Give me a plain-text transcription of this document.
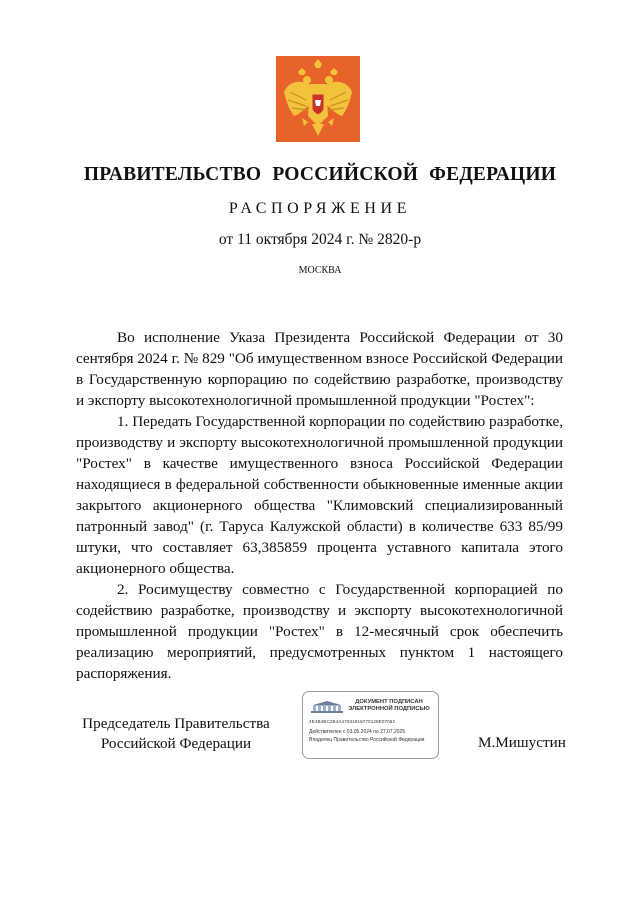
ПРАВИТЕЛЬСТВО РОССИЙСКОЙ ФЕДЕРАЦИИ
РАСПОРЯЖЕНИЕ
от 11 октября 2024 г. № 2820-р
МОСКВА

Во исполнение Указа Президента Российской Федерации от 30 сентября 2024 г. № 829 "Об имущественном взносе Российской Федерации в Государственную корпорацию по содействию разработке, производству и экспорту высокотехнологичной промышленной продукции "Ростех":

1. Передать Государственной корпорации по содействию разработке, производству и экспорту высокотехнологичной промышленной продукции "Ростех" в качестве имущественного взноса Российской Федерации находящиеся в федеральной собственности обыкновенные именные акции закрытого акционерного общества "Климовский специализированный патронный завод" (г. Таруса Калужской области) в количестве 633 85/99 штуки, что составляет 63,385859 процента уставного капитала этого акционерного общества.

2. Росимуществу совместно с Государственной корпорацией по содействию разработке, производству и экспорту высокотехнологичной промышленной продукции "Ростех" в 12-месячный срок обеспечить реализацию мероприятий, предусмотренных пунктом 1 настоящего распоряжения.

Председатель Правительства
Российской Федерации
ДОКУМЕНТ ПОДПИСАН
ЭЛЕКТРОННОЙ ПОДПИСЬЮ
4E4B4BC2B4A47931918770128E07062
Действителен с 03.05.2024 по 27.07.2025
Владелец Правительство Российской Федерации	М.Мишустин
